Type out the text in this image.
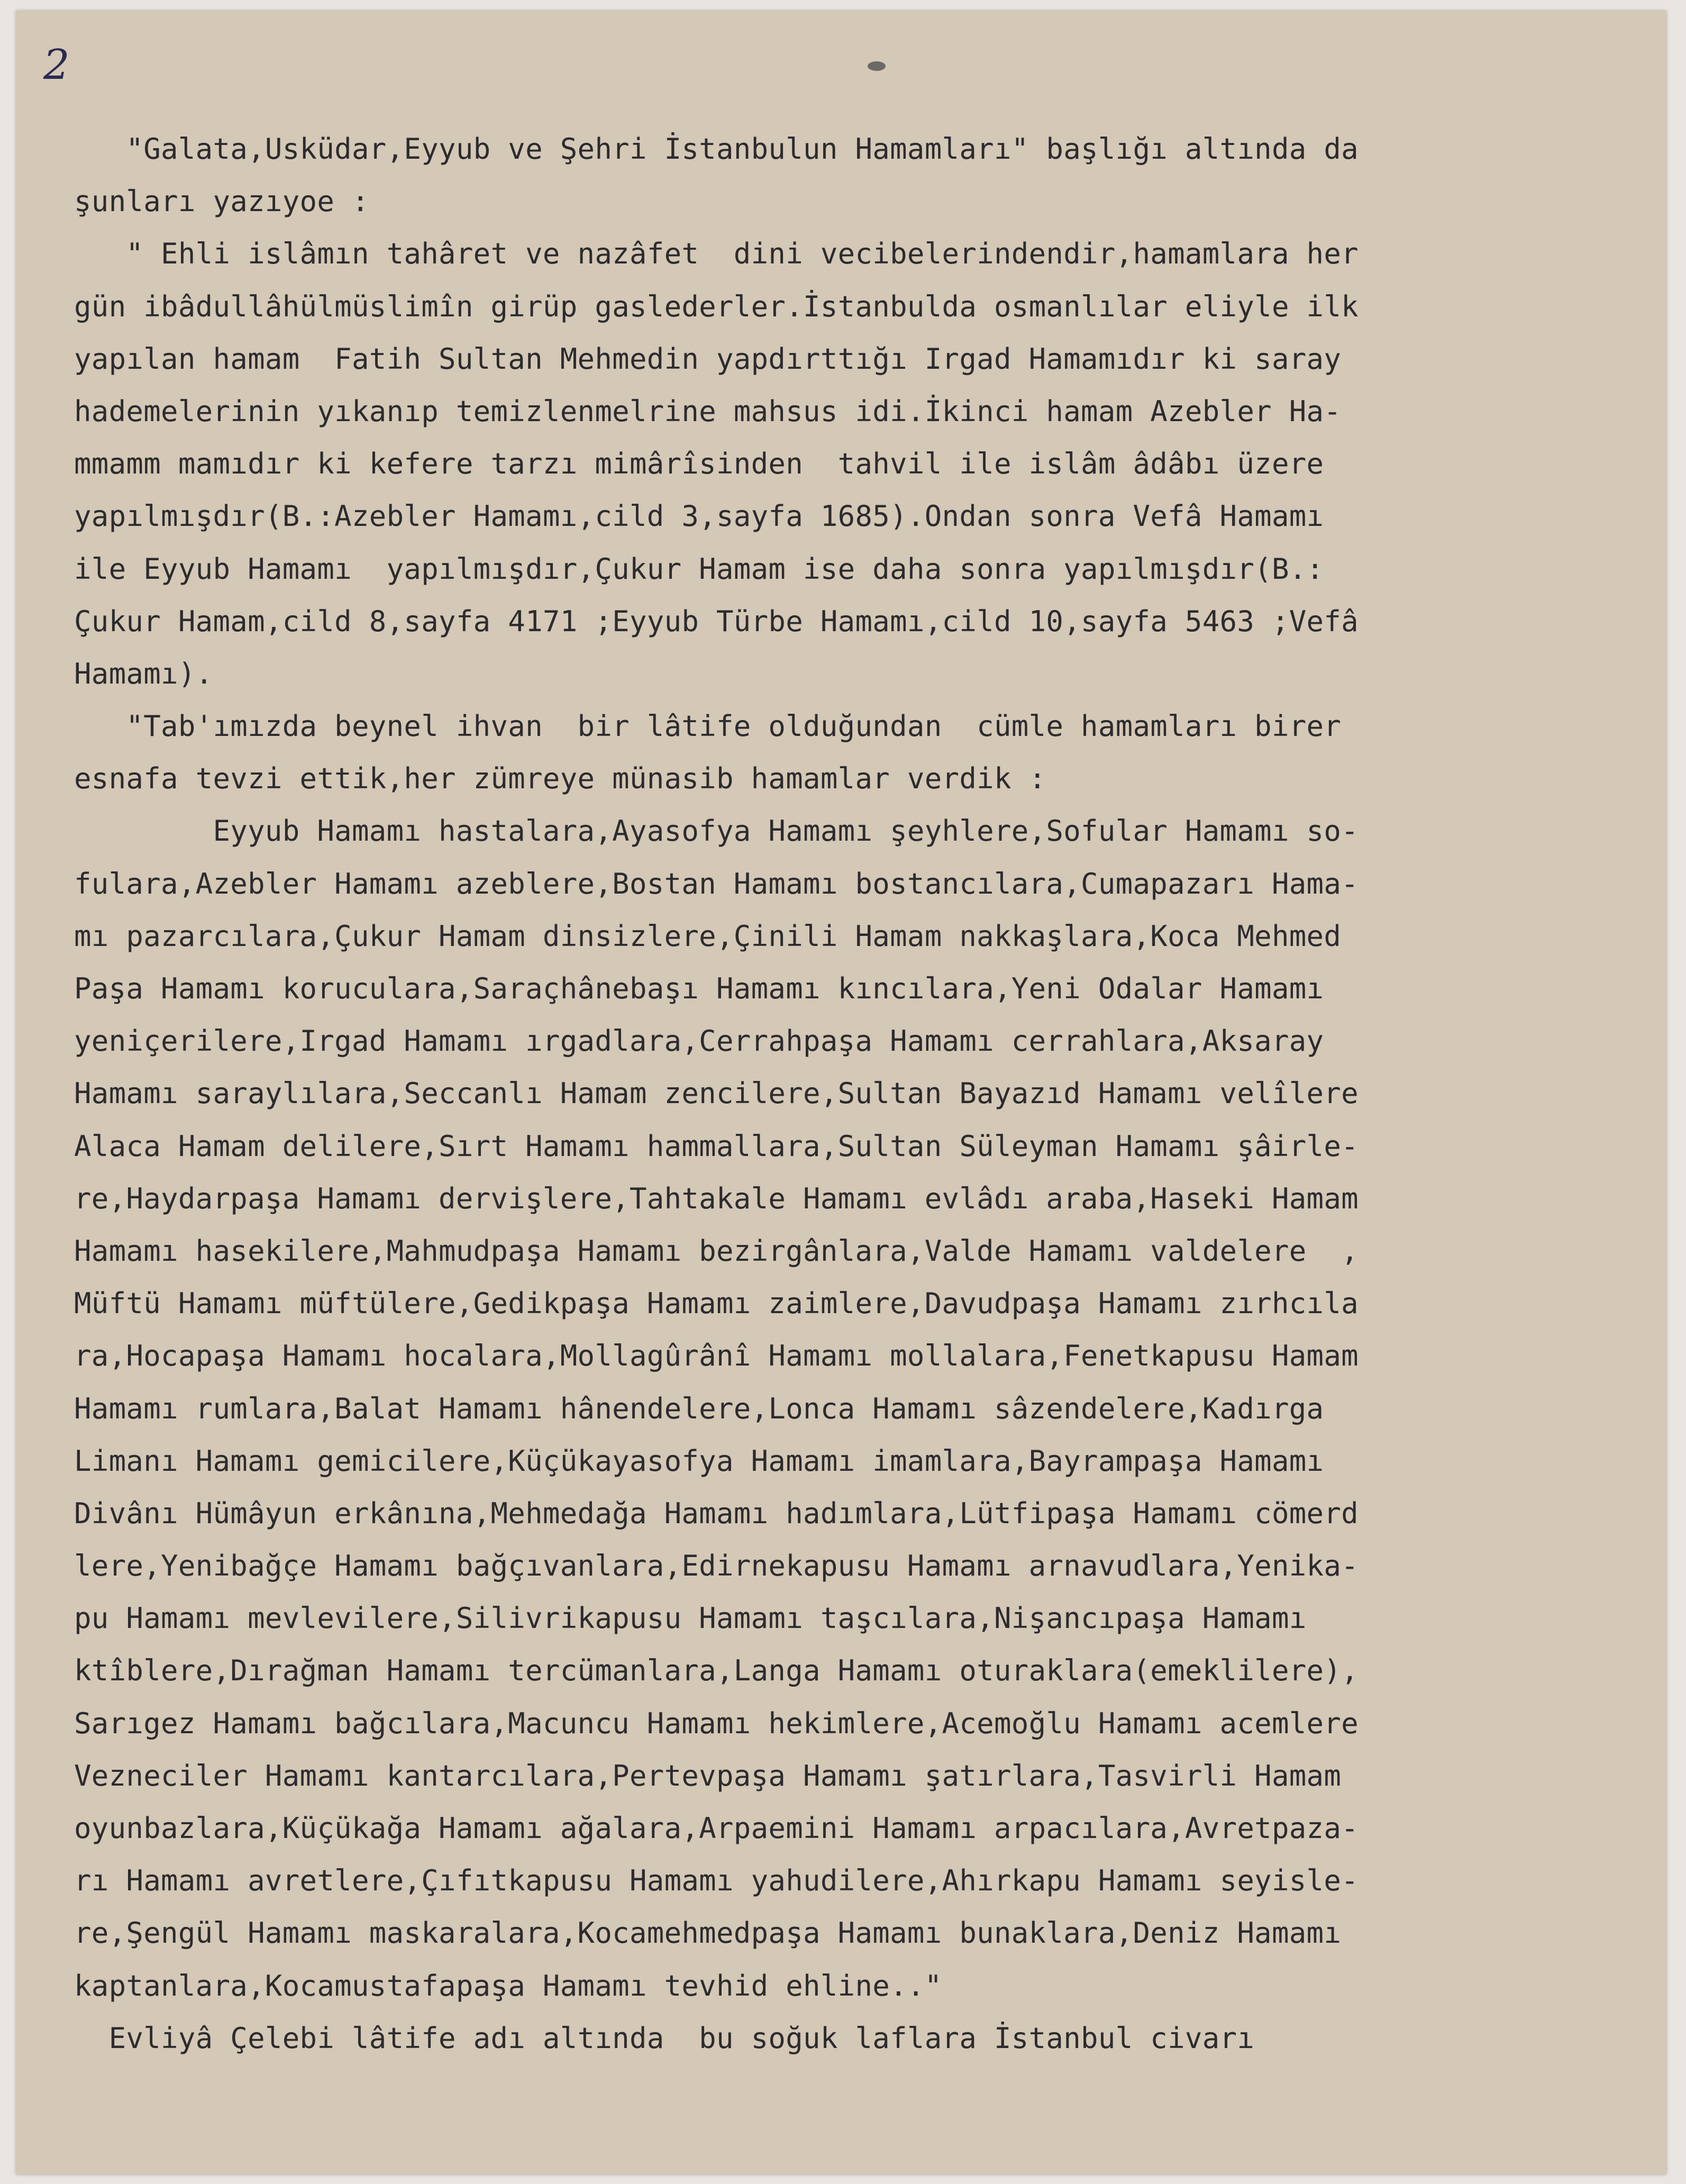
2

"Galata,Usküdar,Eyyub ve Şehri İstanbulun Hamamları" başlığı altında da
şunları yazıyoe :
" Ehli islâmın tahâret ve nazâfet  dini vecibelerindendir,hamamlara her
gün ibâdullâhülmüslimîn girüp gaslederler.İstanbulda osmanlılar eliyle ilk
yapılan hamam  Fatih Sultan Mehmedin yapdırttığı Irgad Hamamıdır ki saray
hademelerinin yıkanıp temizlenmelrine mahsus idi.İkinci hamam Azebler Ha-
mmamm mamıdır ki kefere tarzı mimârîsinden  tahvil ile islâm âdâbı üzere
yapılmışdır(B.:Azebler Hamamı,cild 3,sayfa 1685).Ondan sonra Vefâ Hamamı
ile Eyyub Hamamı  yapılmışdır,Çukur Hamam ise daha sonra yapılmışdır(B.:
Çukur Hamam,cild 8,sayfa 4171 ;Eyyub Türbe Hamamı,cild 10,sayfa 5463 ;Vefâ
Hamamı).
"Tab'ımızda beynel ihvan  bir lâtife olduğundan  cümle hamamları birer
esnafa tevzi ettik,her zümreye münasib hamamlar verdik :
Eyyub Hamamı hastalara,Ayasofya Hamamı şeyhlere,Sofular Hamamı so-
fulara,Azebler Hamamı azeblere,Bostan Hamamı bostancılara,Cumapazarı Hama-
mı pazarcılara,Çukur Hamam dinsizlere,Çinili Hamam nakkaşlara,Koca Mehmed
Paşa Hamamı koruculara,Saraçhânebaşı Hamamı kıncılara,Yeni Odalar Hamamı
yeniçerilere,Irgad Hamamı ırgadlara,Cerrahpaşa Hamamı cerrahlara,Aksaray
Hamamı saraylılara,Seccanlı Hamam zencilere,Sultan Bayazıd Hamamı velîlere
Alaca Hamam delilere,Sırt Hamamı hammallara,Sultan Süleyman Hamamı şâirle-
re,Haydarpaşa Hamamı dervişlere,Tahtakale Hamamı evlâdı araba,Haseki Hamam
Hamamı hasekilere,Mahmudpaşa Hamamı bezirgânlara,Valde Hamamı valdelere  ,
Müftü Hamamı müftülere,Gedikpaşa Hamamı zaimlere,Davudpaşa Hamamı zırhcıla
ra,Hocapaşa Hamamı hocalara,Mollagûrânî Hamamı mollalara,Fenetkapusu Hamam
Hamamı rumlara,Balat Hamamı hânendelere,Lonca Hamamı sâzendelere,Kadırga
Limanı Hamamı gemicilere,Küçükayasofya Hamamı imamlara,Bayrampaşa Hamamı
Divânı Hümâyun erkânına,Mehmedağa Hamamı hadımlara,Lütfipaşa Hamamı cömerd
lere,Yenibağçe Hamamı bağçıvanlara,Edirnekapusu Hamamı arnavudlara,Yenika-
pu Hamamı mevlevilere,Silivrikapusu Hamamı taşcılara,Nişancıpaşa Hamamı
ktîblere,Dırağman Hamamı tercümanlara,Langa Hamamı oturaklara(emeklilere),
Sarıgez Hamamı bağcılara,Macuncu Hamamı hekimlere,Acemoğlu Hamamı acemlere
Vezneciler Hamamı kantarcılara,Pertevpaşa Hamamı şatırlara,Tasvirli Hamam
oyunbazlara,Küçükağa Hamamı ağalara,Arpaemini Hamamı arpacılara,Avretpaza-
rı Hamamı avretlere,Çıfıtkapusu Hamamı yahudilere,Ahırkapu Hamamı seyisle-
re,Şengül Hamamı maskaralara,Kocamehmedpaşa Hamamı bunaklara,Deniz Hamamı
kaptanlara,Kocamustafapaşa Hamamı tevhid ehline.."
Evliyâ Çelebi lâtife adı altında  bu soğuk laflara İstanbul civarı
